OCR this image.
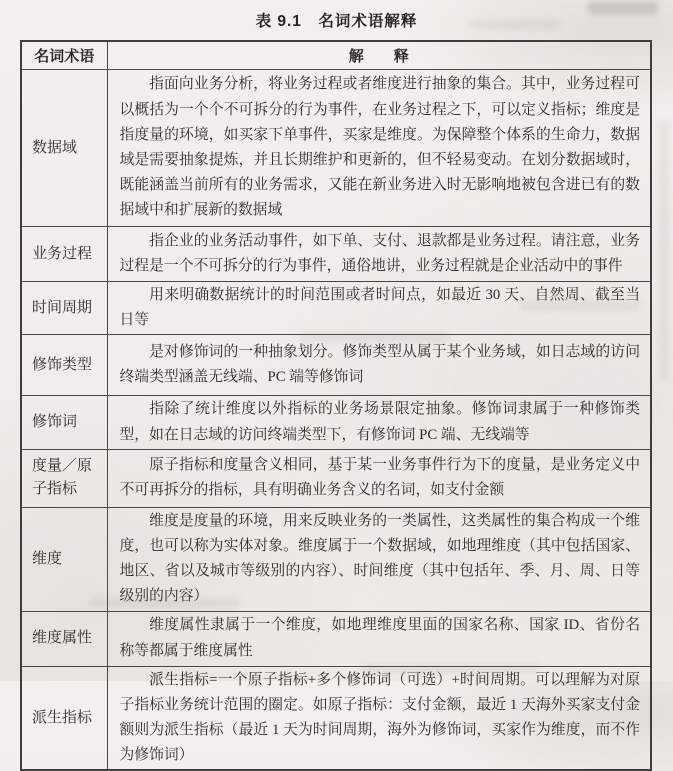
表 9.1　名词术语解释
名词术语	解　　释
数据域	指面向业务分析，将业务过程或者维度进行抽象的集合。其中，业务过程可以概括为一个个不可拆分的行为事件，在业务过程之下，可以定义指标；维度是指度量的环境，如买家下单事件，买家是维度。为保障整个体系的生命力，数据域是需要抽象提炼，并且长期维护和更新的，但不轻易变动。在划分数据域时，既能涵盖当前所有的业务需求，又能在新业务进入时无影响地被包含进已有的数据域中和扩展新的数据域
业务过程	指企业的业务活动事件，如下单、支付、退款都是业务过程。请注意，业务过程是一个不可拆分的行为事件，通俗地讲，业务过程就是企业活动中的事件
时间周期	用来明确数据统计的时间范围或者时间点，如最近 30 天、自然周、截至当日等
修饰类型	是对修饰词的一种抽象划分。修饰类型从属于某个业务域，如日志域的访问终端类型涵盖无线端、PC 端等修饰词
修饰词	指除了统计维度以外指标的业务场景限定抽象。修饰词隶属于一种修饰类型，如在日志域的访问终端类型下，有修饰词 PC 端、无线端等
度量／原子指标	原子指标和度量含义相同，基于某一业务事件行为下的度量，是业务定义中不可再拆分的指标，具有明确业务含义的名词，如支付金额
维度	维度是度量的环境，用来反映业务的一类属性，这类属性的集合构成一个维度，也可以称为实体对象。维度属于一个数据域，如地理维度（其中包括国家、地区、省以及城市等级别的内容）、时间维度（其中包括年、季、月、周、日等级别的内容）
维度属性	维度属性隶属于一个维度，如地理维度里面的国家名称、国家 ID、省份名称等都属于维度属性
派生指标	派生指标=一个原子指标+多个修饰词（可选）+时间周期。可以理解为对原子指标业务统计范围的圈定。如原子指标：支付金额，最近 1 天海外买家支付金额则为派生指标（最近 1 天为时间周期，海外为修饰词，买家作为维度，而不作为修饰词）
